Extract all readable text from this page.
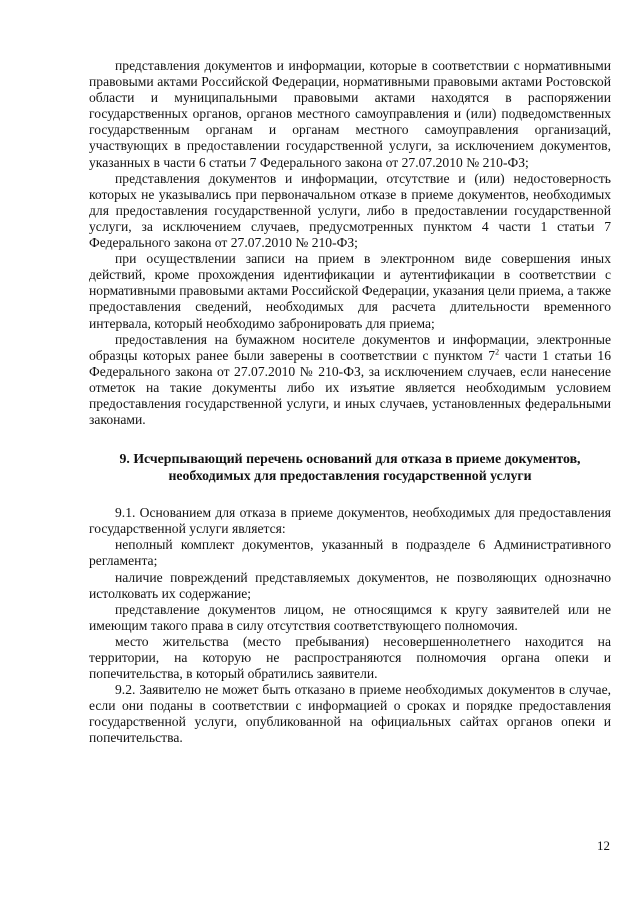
представления документов и информации, которые в соответствии с нормативными правовыми актами Российской Федерации, нормативными правовыми актами Ростовской области и муниципальными правовыми актами находятся в распоряжении государственных органов, органов местного самоуправления и (или) подведомственных государственным органам и органам местного самоуправления организаций, участвующих в предоставлении государственной услуги, за исключением документов, указанных в части 6 статьи 7 Федерального закона от 27.07.2010 № 210-ФЗ;

представления документов и информации, отсутствие и (или) недостоверность которых не указывались при первоначальном отказе в приеме документов, необходимых для предоставления государственной услуги, либо в предоставлении государственной услуги, за исключением случаев, предусмотренных пунктом 4 части 1 статьи 7 Федерального закона от 27.07.2010 № 210-ФЗ;

при осуществлении записи на прием в электронном виде совершения иных действий, кроме прохождения идентификации и аутентификации в соответствии с нормативными правовыми актами Российской Федерации, указания цели приема, а также предоставления сведений, необходимых для расчета длительности временного интервала, который необходимо забронировать для приема;

предоставления на бумажном носителе документов и информации, электронные образцы которых ранее были заверены в соответствии с пунктом $7^2$ части 1 статьи 16 Федерального закона от 27.07.2010 № 210-ФЗ, за исключением случаев, если нанесение отметок на такие документы либо их изъятие является необходимым условием предоставления государственной услуги, и иных случаев, установленных федеральными законами.

9. Исчерпывающий перечень оснований для отказа в приеме документов,
необходимых для предоставления государственной услуги

9.1. Основанием для отказа в приеме документов, необходимых для предоставления государственной услуги является:

неполный комплект документов, указанный в подразделе 6 Административного регламента;

наличие повреждений представляемых документов, не позволяющих однозначно истолковать их содержание;

представление документов лицом, не относящимся к кругу заявителей или не имеющим такого права в силу отсутствия соответствующего полномочия.

место жительства (место пребывания) несовершеннолетнего находится на территории, на которую не распространяются полномочия органа опеки и попечительства, в который обратились заявители.

9.2. Заявителю не может быть отказано в приеме необходимых документов в случае, если они поданы в соответствии с информацией о сроках и порядке предоставления государственной услуги, опубликованной на официальных сайтах органов опеки и попечительства.

12
